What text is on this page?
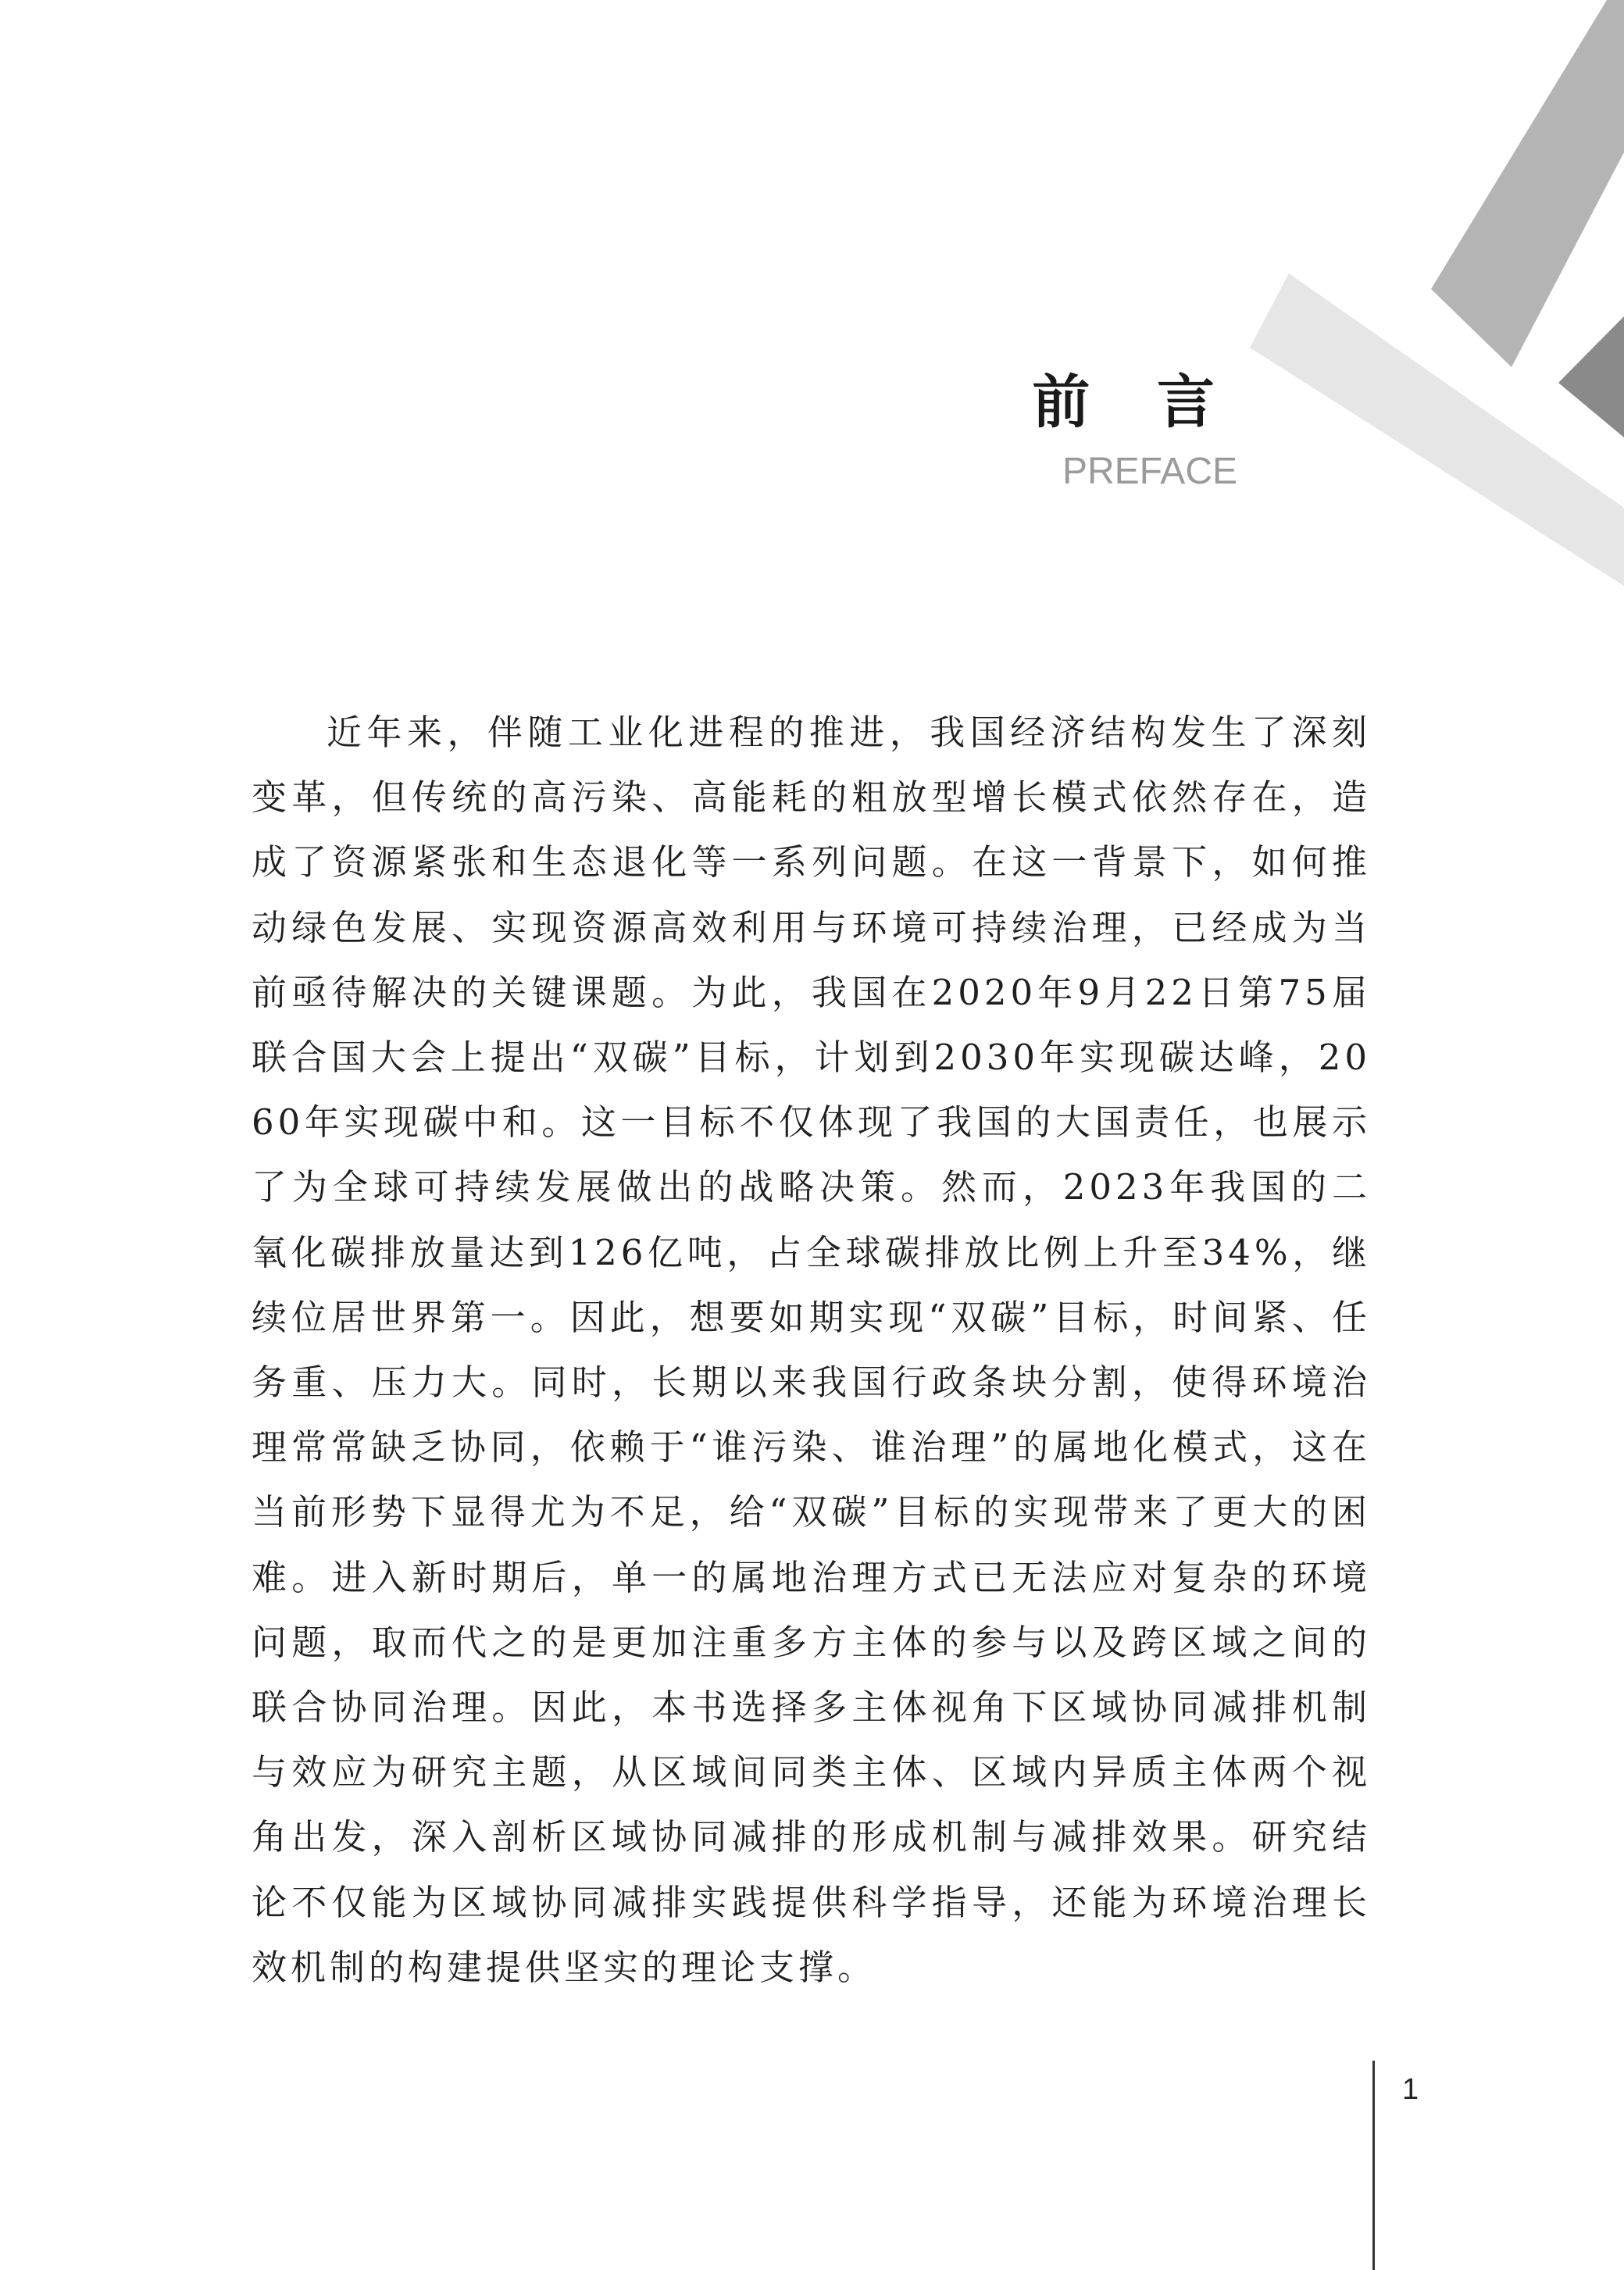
前 言
PREFACE

近年来，伴随工业化进程的推进，我国经济结构发生了深刻变革，但传统的高污染、高能耗的粗放型增长模式依然存在，造成了资源紧张和生态退化等一系列问题。在这一背景下，如何推动绿色发展、实现资源高效利用与环境可持续治理，已经成为当前亟待解决的关键课题。为此，我国在2020年9月22日第75届联合国大会上提出“双碳”目标，计划到2030年实现碳达峰，2060年实现碳中和。这一目标不仅体现了我国的大国责任，也展示了为全球可持续发展做出的战略决策。然而，2023年我国的二氧化碳排放量达到126亿吨，占全球碳排放比例上升至34%，继续位居世界第一。因此，想要如期实现“双碳”目标，时间紧、任务重、压力大。同时，长期以来我国行政条块分割，使得环境治理常常缺乏协同，依赖于“谁污染、谁治理”的属地化模式，这在当前形势下显得尤为不足，给“双碳”目标的实现带来了更大的困难。进入新时期后，单一的属地治理方式已无法应对复杂的环境问题，取而代之的是更加注重多方主体的参与以及跨区域之间的联合协同治理。因此，本书选择多主体视角下区域协同减排机制与效应为研究主题，从区域间同类主体、区域内异质主体两个视角出发，深入剖析区域协同减排的形成机制与减排效果。研究结论不仅能为区域协同减排实践提供科学指导，还能为环境治理长效机制的构建提供坚实的理论支撑。

1
